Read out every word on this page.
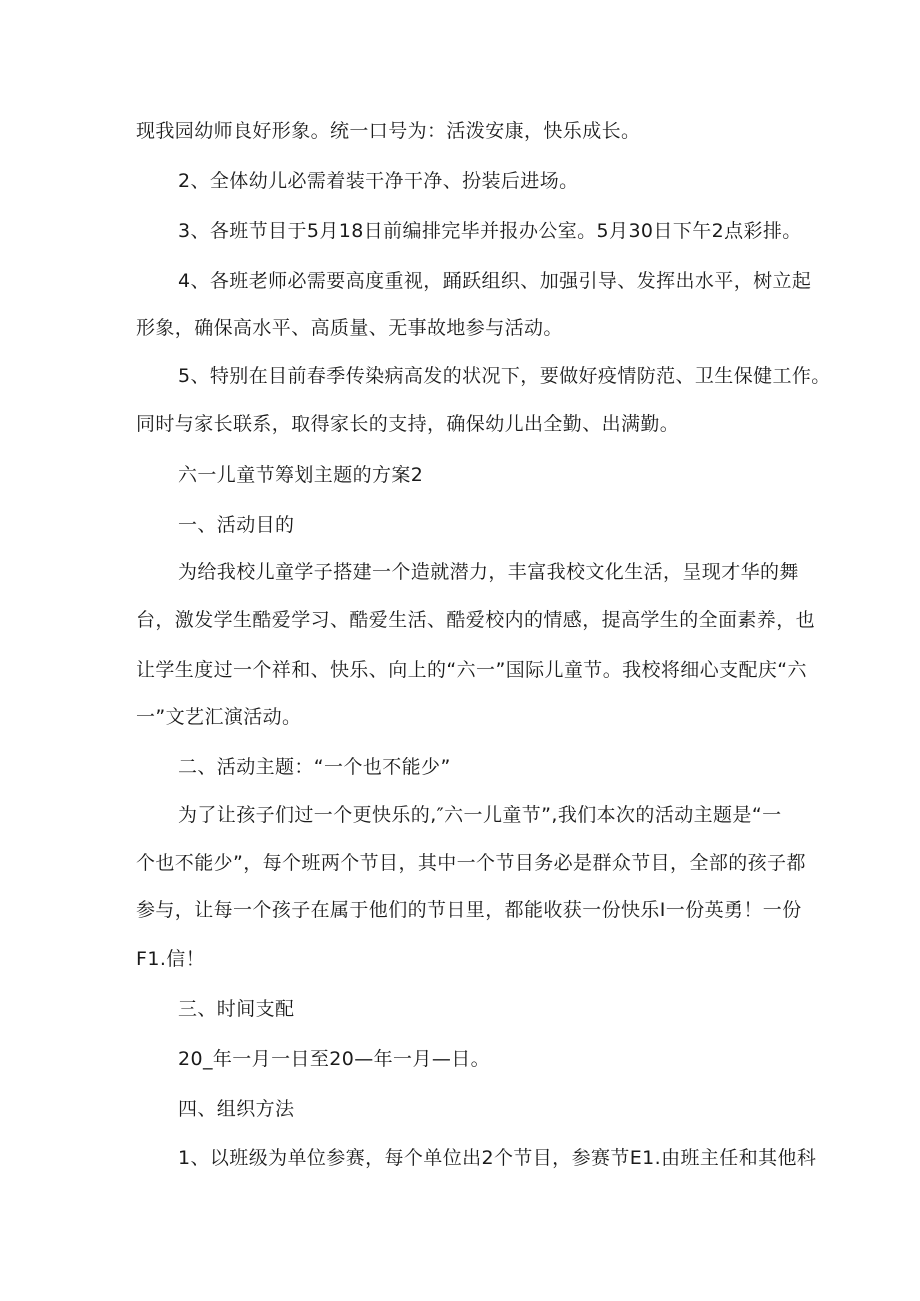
现我园幼师良好形象。统一口号为：活泼安康，快乐成长。
2、全体幼儿必需着装干净干净、扮装后进场。
3、各班节目于5月18日前编排完毕并报办公室。5月30日下午2点彩排。
4、各班老师必需要高度重视，踊跃组织、加强引导、发挥出水平，树立起
形象，确保高水平、高质量、无事故地参与活动。
5、特别在目前春季传染病高发的状况下，要做好疫情防范、卫生保健工作。
同时与家长联系，取得家长的支持，确保幼儿出全勤、出满勤。
六一儿童节筹划主题的方案2
一、活动目的
为给我校儿童学子搭建一个造就潜力，丰富我校文化生活，呈现才华的舞
台，激发学生酷爱学习、酷爱生活、酷爱校内的情感，提高学生的全面素养，也
让学生度过一个祥和、快乐、向上的“六一”国际儿童节。我校将细心支配庆“六
一”文艺汇演活动。
二、活动主题：“一个也不能少”
为了让孩子们过一个更快乐的,″六一儿童节”,我们本次的活动主题是“一
个也不能少”，每个班两个节目，其中一个节目务必是群众节目，全部的孩子都
参与，让每一个孩子在属于他们的节日里，都能收获一份快乐I一份英勇！一份
F1.信！
三、时间支配
20_年一月一日至20—年一月—日。
四、组织方法
1、以班级为单位参赛，每个单位出2个节目，参赛节E1.由班主任和其他科
